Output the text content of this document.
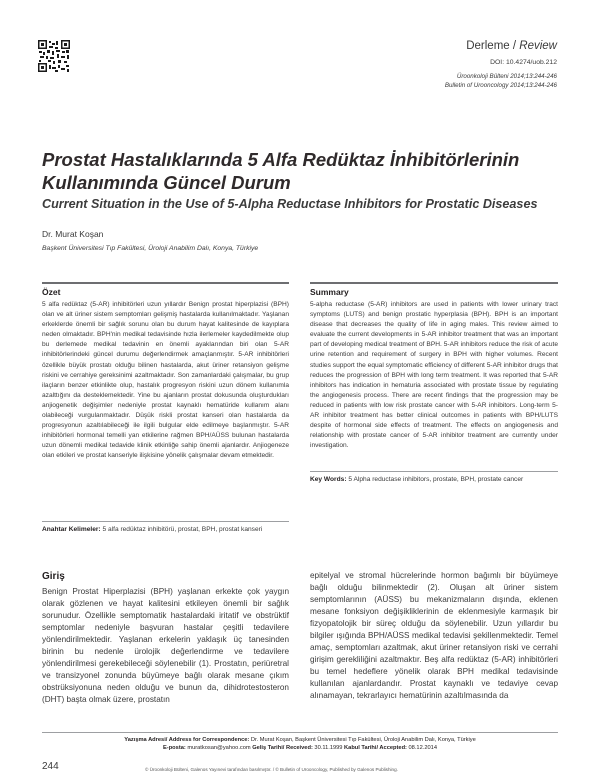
Derleme / Review
DOI: 10.4274/uob.212
Üroonkoloji Bülteni 2014;13:244-246
Bulletin of Urooncology 2014;13:244-246
Prostat Hastalıklarında 5 Alfa Redüktaz İnhibitörlerinin Kullanımında Güncel Durum
Current Situation in the Use of 5-Alpha Reductase Inhibitors for Prostatic Diseases
Dr. Murat Koşan
Başkent Üniversitesi Tıp Fakültesi, Üroloji Anabilim Dalı, Konya, Türkiye
Özet
5 alfa redüktaz (5-AR) inhibitörleri uzun yıllardır Benign prostat hiperplazisi (BPH) olan ve alt üriner sistem semptomları gelişmiş hastalarda kullanılmaktadır. Yaşlanan erkeklerde önemli bir sağlık sorunu olan bu durum hayat kalitesinde de kayıplara neden olmaktadır. BPH'nin medikal tedavisinde hızla ilerlemeler kaydedilmekte olup bu derlemede medikal tedavinin en önemli ayaklarından biri olan 5-AR inhibitörlerindeki güncel durumu değerlendirmek amaçlanmıştır. 5-AR inhibitörleri özellikle büyük prostatı olduğu bilinen hastalarda, akut üriner retansiyon gelişme riskini ve cerrahiye gereksinimi azaltmaktadır. Son zamanlardaki çalışmalar, bu grup ilaçların benzer etkinlikte olup, hastalık progresyon riskini uzun dönem kullanımla azalttığını da desteklemektedir. Yine bu ajanların prostat dokusunda oluşturdukları anjiogenetik değişimler nedeniyle prostat kaynaklı hematüride kullanım alanı olabileceği vurgulanmaktadır. Düşük riskli prostat kanseri olan hastalarda da progresyonun azaltılabileceği ile ilgili bulgular elde edilmeye başlanmıştır. 5-AR inhibitörleri hormonal temelli yan etkilerine rağmen BPH/AÜSS bulunan hastalarda uzun dönemli medikal tedavide klinik etkinliğe sahip önemli ajanlardır. Anjiogeneze olan etkileri ve prostat kanseriyle ilişkisine yönelik çalışmalar devam etmektedir.
Anahtar Kelimeler: 5 alfa redüktaz inhibitörü, prostat, BPH, prostat kanseri
Summary
5-alpha reductase (5-AR) inhibitors are used in patients with lower urinary tract symptoms (LUTS) and benign prostatic hyperplasia (BPH). BPH is an important disease that decreases the quality of life in aging males. This review aimed to evaluate the current developments in 5-AR inhibitor treatment that was an important part of developing medical treatment of BPH. 5-AR inhibitors reduce the risk of acute urine retention and requirement of surgery in BPH with higher volumes. Recent studies support the equal symptomatic efficiency of different 5-AR inhibitor drugs that reduces the progression of BPH with long term treatment. It was reported that 5-AR inhibitors has indication in hematuria associated with prostate tissue by regulating the angiogenesis process. There are recent findings that the progression may be reduced in patients with low risk prostate cancer with 5-AR inhibitors. Long-term 5-AR inhibitor treatment has better clinical outcomes in patients with BPH/LUTS despite of hormonal side effects of treatment. The effects on angiogenesis and relationship with prostate cancer of 5-AR inhibitor treatment are currently under investigation.
Key Words: 5 Alpha reductase inhibitors, prostate, BPH, prostate cancer
Giriş
Benign Prostat Hiperplazisi (BPH) yaşlanan erkekte çok yaygın olarak gözlenen ve hayat kalitesini etkileyen önemli bir sağlık sorunudur. Özellikle semptomatik hastalardaki iritatif ve obstrüktif semptomlar nedeniyle başvuran hastalar çeşitli tedavilere yönlendirilmektedir. Yaşlanan erkelerin yaklaşık üç tanesinden birinin bu nedenle ürolojik değerlendirme ve tedavilere yönlendirilmesi gerekebileceği söylenebilir (1). Prostatın, periüretral ve transizyonel zonunda büyümeye bağlı olarak mesane çıkım obstrüksiyonuna neden olduğu ve bunun da, dihidrotestosteron (DHT) başta olmak üzere, prostatın
epitelyal ve stromal hücrelerinde hormon bağımlı bir büyümeye bağlı olduğu bilinmektedir (2). Oluşan alt üriner sistem semptomlarının (AÜSS) bu mekanizmaların dışında, eklenen mesane fonksiyon değişikliklerinin de eklenmesiyle karmaşık bir fizyopatolojik bir süreç olduğu da söylenebilir. Uzun yıllardır bu bilgiler ışığında BPH/AÜSS medikal tedavisi şekillenmektedir. Temel amaç, semptomları azaltmak, akut üriner retansiyon riski ve cerrahi girişim gerekliliğini azaltmaktır. Beş alfa redüktaz (5-AR) inhibitörleri bu temel hedeflere yönelik olarak BPH medikal tedavisinde kullanılan ajanlardandır. Prostat kaynaklı ve tedaviye cevap alınamayan, tekrarlayıcı hematürinin azaltılmasında da
Yazışma Adresi/ Address for Correspondence: Dr. Murat Koşan, Başkent Üniversitesi Tıp Fakültesi, Üroloji Anabilim Dalı, Konya, Türkiye
E-posta: muratkosan@yahoo.com Geliş Tarihi/ Received: 30.11.1999 Kabul Tarihi/ Accepted: 08.12.2014
244	© Üroonkoloji Bülteni, Galenos Yayınevi tarafından basılmıştır. / © Bulletin of Urooncology, Published by Galenos Publishing.
